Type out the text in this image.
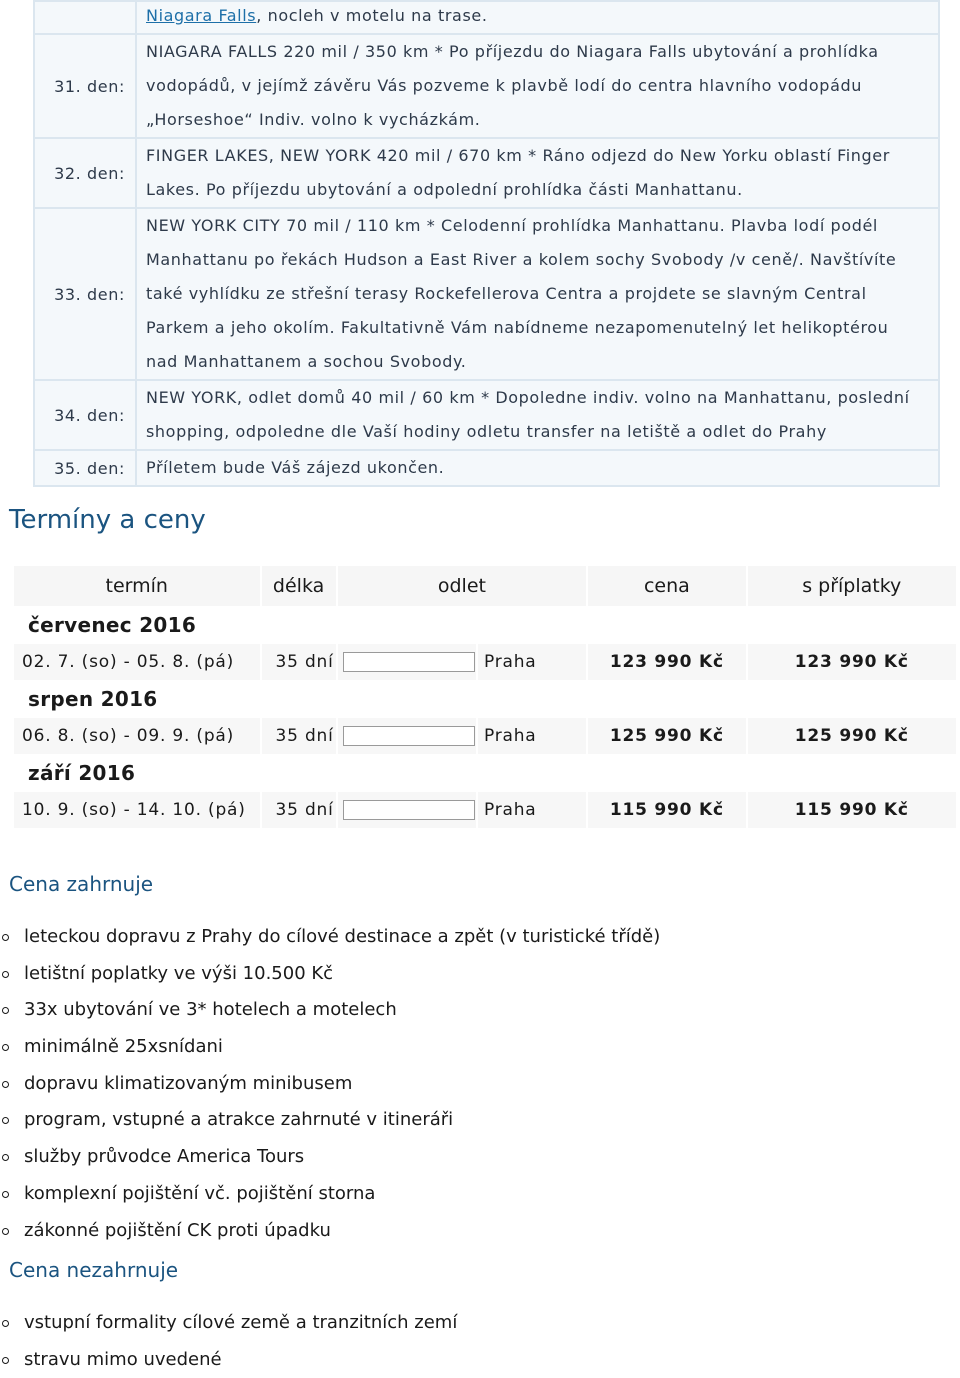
	Niagara Falls, nocleh v motelu na trase.

31. den:	NIAGARA FALLS 220 mil / 350 km * Po příjezdu do Niagara Falls ubytování a prohlídka
vodopádů, v jejímž závěru Vás pozveme k plavbě lodí do centra hlavního vodopádu
„Horseshoe“ Indiv. volno k vycházkám.

32. den:	FINGER LAKES, NEW YORK 420 mil / 670 km * Ráno odjezd do New Yorku oblastí Finger
Lakes. Po příjezdu ubytování a odpolední prohlídka části Manhattanu.

33. den:	NEW YORK CITY 70 mil / 110 km * Celodenní prohlídka Manhattanu. Plavba lodí podél
Manhattanu po řekách Hudson a East River a kolem sochy Svobody /v ceně/. Navštívíte
také vyhlídku ze střešní terasy Rockefellerova Centra a projdete se slavným Central
Parkem a jeho okolím. Fakultativně Vám nabídneme nezapomenutelný let helikoptérou
nad Manhattanem a sochou Svobody.

34. den:	NEW YORK, odlet domů 40 mil / 60 km * Dopoledne indiv. volno na Manhattanu, poslední
shopping, odpoledne dle Vaší hodiny odletu transfer na letiště a odlet do Prahy

35. den:	Příletem bude Váš zájezd ukončen.
Termíny a ceny
termín	délka	odlet		cena	s příplatky
červenec 2016					
02. 7. (so) - 05. 8. (pá)	35 dní		Praha	123 990 Kč	123 990 Kč
srpen 2016					
06. 8. (so) - 09. 9. (pá)	35 dní		Praha	125 990 Kč	125 990 Kč
září 2016					
10. 9. (so) - 14. 10. (pá)	35 dní		Praha	115 990 Kč	115 990 Kč
Cena zahrnuje
leteckou dopravu z Prahy do cílové destinace a zpět (v turistické třídě)
letištní poplatky ve výši 10.500 Kč
33x ubytování ve 3* hotelech a motelech
minimálně 25xsnídani
dopravu klimatizovaným minibusem
program, vstupné a atrakce zahrnuté v itineráři
služby průvodce America Tours
komplexní pojištění vč. pojištění storna
zákonné pojištění CK proti úpadku
Cena nezahrnuje
vstupní formality cílové země a tranzitních zemí
stravu mimo uvedené
